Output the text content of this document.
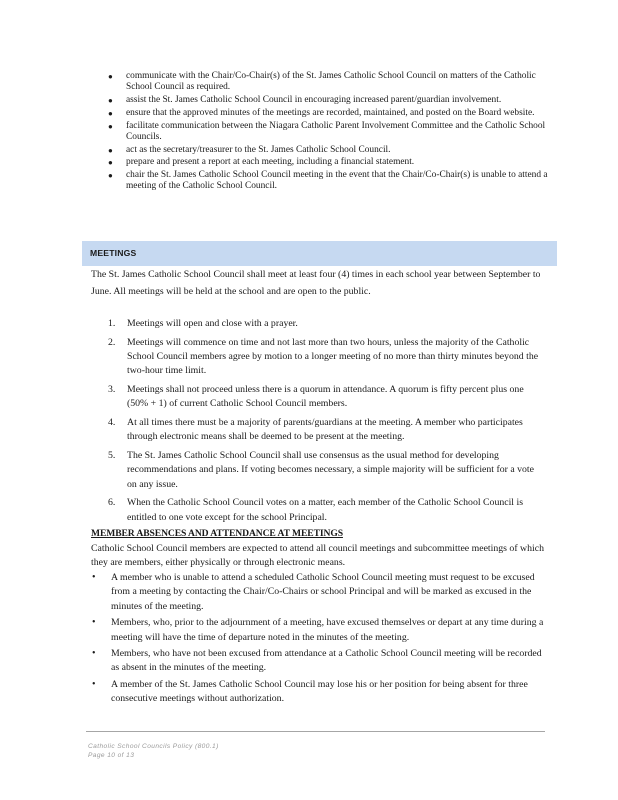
● communicate with the Chair/Co-Chair(s) of the St. James Catholic School Council on matters of the Catholic School Council as required.
● assist the St. James Catholic School Council in encouraging increased parent/guardian involvement.
● ensure that the approved minutes of the meetings are recorded, maintained, and posted on the Board website.
● facilitate communication between the Niagara Catholic Parent Involvement Committee and the Catholic School Councils.
● act as the secretary/treasurer to the St. James Catholic School Council.
● prepare and present a report at each meeting, including a financial statement.
● chair the St. James Catholic School Council meeting in the event that the Chair/Co-Chair(s) is unable to attend a meeting of the Catholic School Council.
MEETINGS

The St. James Catholic School Council shall meet at least four (4) times in each school year between September to June. All meetings will be held at the school and are open to the public.

1. Meetings will open and close with a prayer.
2. Meetings will commence on time and not last more than two hours, unless the majority of the Catholic School Council members agree by motion to a longer meeting of no more than thirty minutes beyond the two-hour time limit.
3. Meetings shall not proceed unless there is a quorum in attendance. A quorum is fifty percent plus one (50% + 1) of current Catholic School Council members.
4. At all times there must be a majority of parents/guardians at the meeting. A member who participates through electronic means shall be deemed to be present at the meeting.
5. The St. James Catholic School Council shall use consensus as the usual method for developing recommendations and plans. If voting becomes necessary, a simple majority will be sufficient for a vote on any issue.
6. When the Catholic School Council votes on a matter, each member of the Catholic School Council is entitled to one vote except for the school Principal.
MEMBER ABSENCES AND ATTENDANCE AT MEETINGS

Catholic School Council members are expected to attend all council meetings and subcommittee meetings of which they are members, either physically or through electronic means.

• A member who is unable to attend a scheduled Catholic School Council meeting must request to be excused from a meeting by contacting the Chair/Co-Chairs or school Principal and will be marked as excused in the minutes of the meeting.
• Members, who, prior to the adjournment of a meeting, have excused themselves or depart at any time during a meeting will have the time of departure noted in the minutes of the meeting.
• Members, who have not been excused from attendance at a Catholic School Council meeting will be recorded as absent in the minutes of the meeting.
• A member of the St. James Catholic School Council may lose his or her position for being absent for three consecutive meetings without authorization.
Catholic School Councils Policy (800.1)
Page 10 of 13
